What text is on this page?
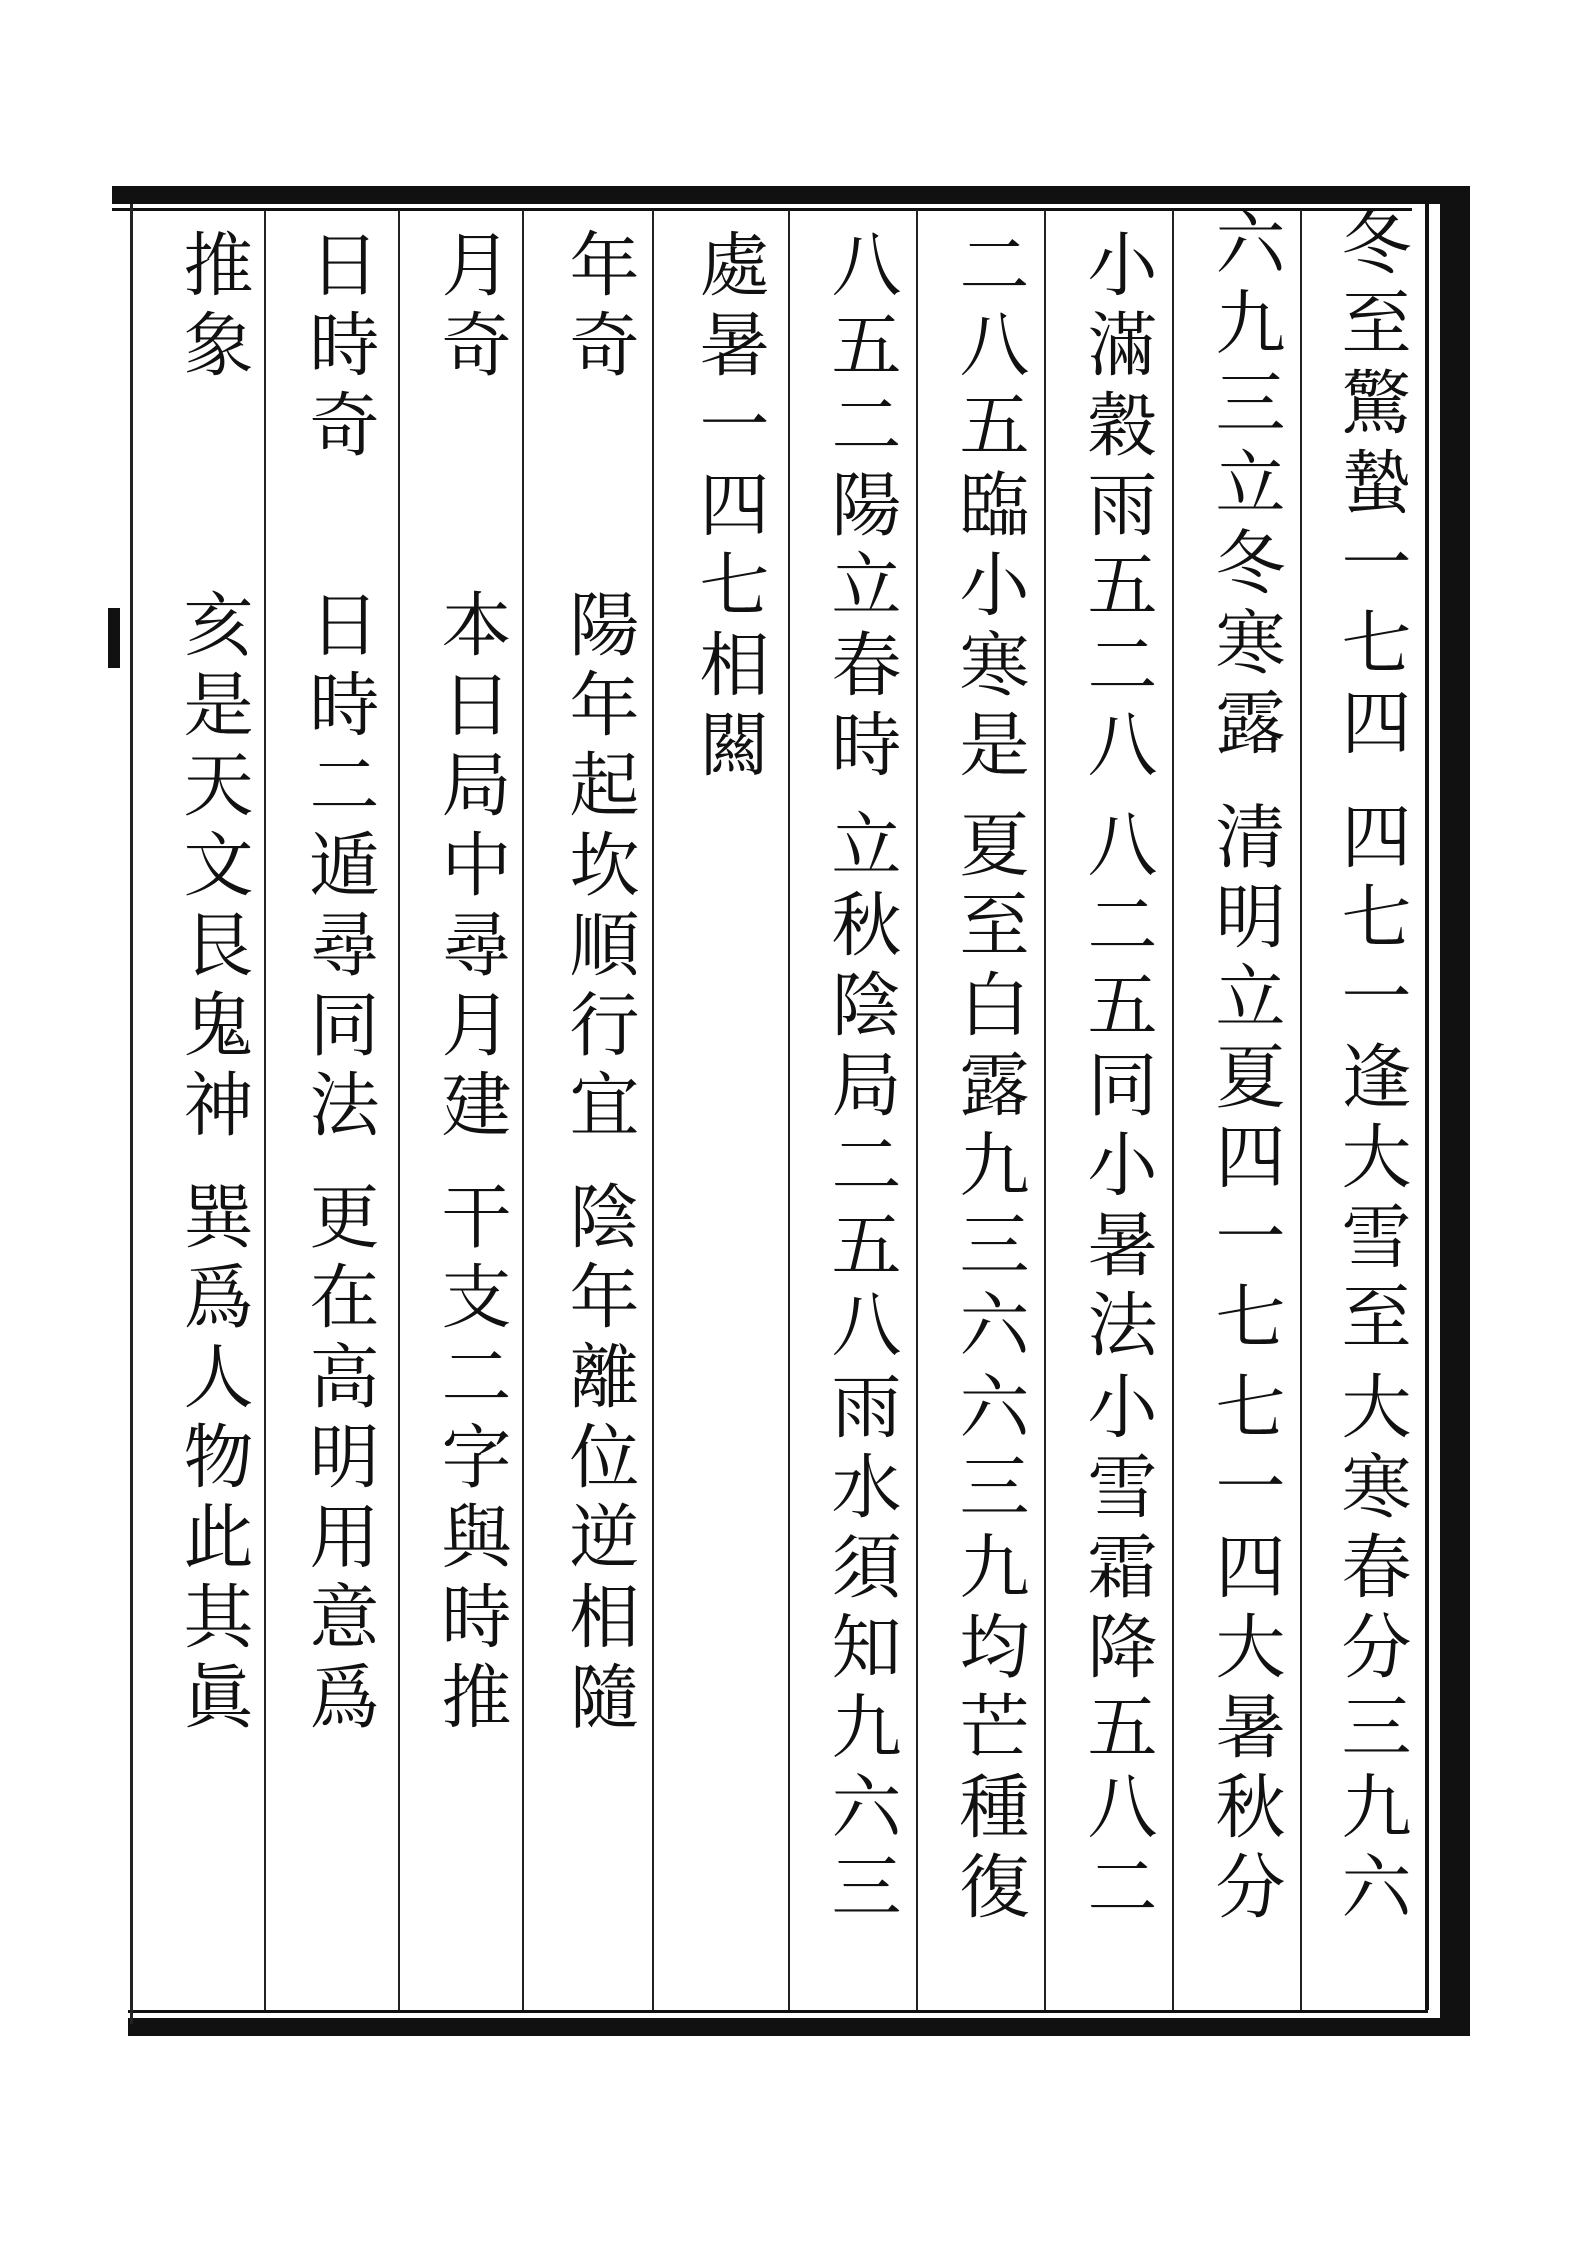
冬至驚蟄一七四
四七一逢大雪至
大寒春分三九六
六九三立冬寒露
清明立夏四一七
七一四大暑秋分
小滿穀雨五二八
八二五同小暑法
小雪霜降五八二
二八五臨小寒是
夏至白露九三六
六三九均芒種復
八五二陽立春時
立秋陰局二五八
雨水須知九六三
處暑一四七相闗
年奇
陽年起坎順行宜
陰年離位逆相隨
月奇
本日局中尋月建
干支二字與時推
日時奇
日時二遁尋同法
更在高明用意爲
推象
亥是天文艮鬼神
巽爲人物此其眞
